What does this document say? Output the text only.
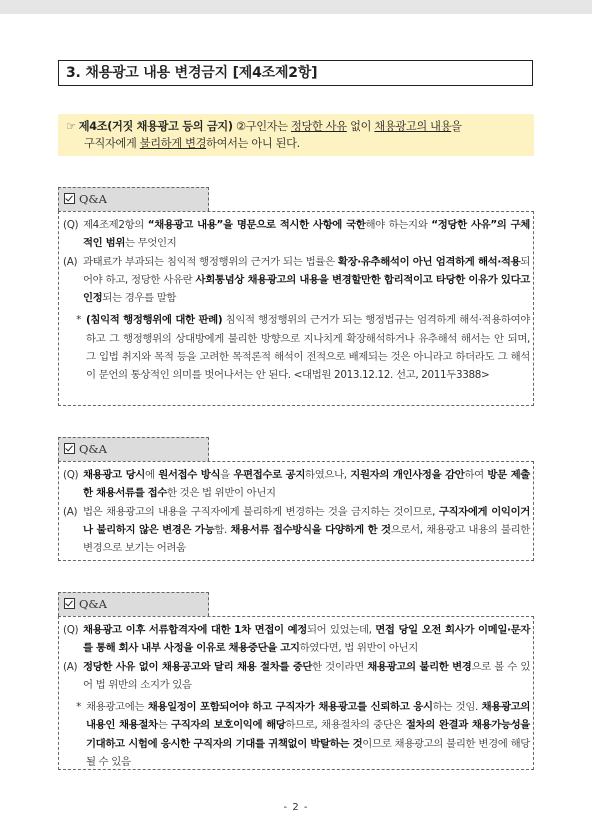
3. 채용광고 내용 변경금지 [제4조제2항]
☞ 제4조(거짓 채용광고 등의 금지) ②구인자는 정당한 사유 없이 채용광고의 내용을
구직자에게 불리하게 변경하여서는 아니 된다.
Q&A
(Q) 제4조제2항의 “채용광고 내용”을 명문으로 적시한 사항에 국한해야 하는지와 “정당한 사유”의 구체적인 범위는 무엇인지
(A) 과태료가 부과되는 침익적 행정행위의 근거가 되는 법률은 확장·유추해석이 아닌 엄격하게 해석·적용되어야 하고, 정당한 사유란 사회통념상 채용광고의 내용을 변경할만한 합리적이고 타당한 이유가 있다고 인정되는 경우를 말함
* (침익적 행정행위에 대한 판례) 침익적 행정행위의 근거가 되는 행정법규는 엄격하게 해석·적용하여야 하고 그 행정행위의 상대방에게 불리한 방향으로 지나치게 확장해석하거나 유추해석 해서는 안 되며, 그 입법 취지와 목적 등을 고려한 목적론적 해석이 전적으로 배제되는 것은 아니라고 하더라도 그 해석이 문언의 통상적인 의미를 벗어나서는 안 된다. <대법원 2013.12.12. 선고, 2011두3388>
Q&A
(Q) 채용광고 당시에 원서접수 방식을 우편접수로 공지하였으나, 지원자의 개인사정을 감안하여 방문 제출한 채용서류를 접수한 것은 법 위반이 아닌지
(A) 법은 채용광고의 내용을 구직자에게 불리하게 변경하는 것을 금지하는 것이므로, 구직자에게 이익이거나 불리하지 않은 변경은 가능함. 채용서류 접수방식을 다양하게 한 것으로서, 채용광고 내용의 불리한 변경으로 보기는 어려움
Q&A
(Q) 채용광고 이후 서류합격자에 대한 1차 면접이 예정되어 있었는데, 면접 당일 오전 회사가 이메일·문자를 통해 회사 내부 사정을 이유로 채용중단을 고지하였다면, 법 위반이 아닌지
(A) 정당한 사유 없이 채용공고와 달리 채용 절차를 중단한 것이라면 채용광고의 불리한 변경으로 볼 수 있어 법 위반의 소지가 있음
* 채용광고에는 채용일정이 포함되어야 하고 구직자가 채용광고를 신뢰하고 응시하는 것임. 채용광고의 내용인 채용절차는 구직자의 보호이익에 해당하므로, 채용절차의 중단은 절차의 완결과 채용가능성을 기대하고 시험에 응시한 구직자의 기대를 귀책없이 박탈하는 것이므로 채용광고의 불리한 변경에 해당될 수 있음
- 2 -
